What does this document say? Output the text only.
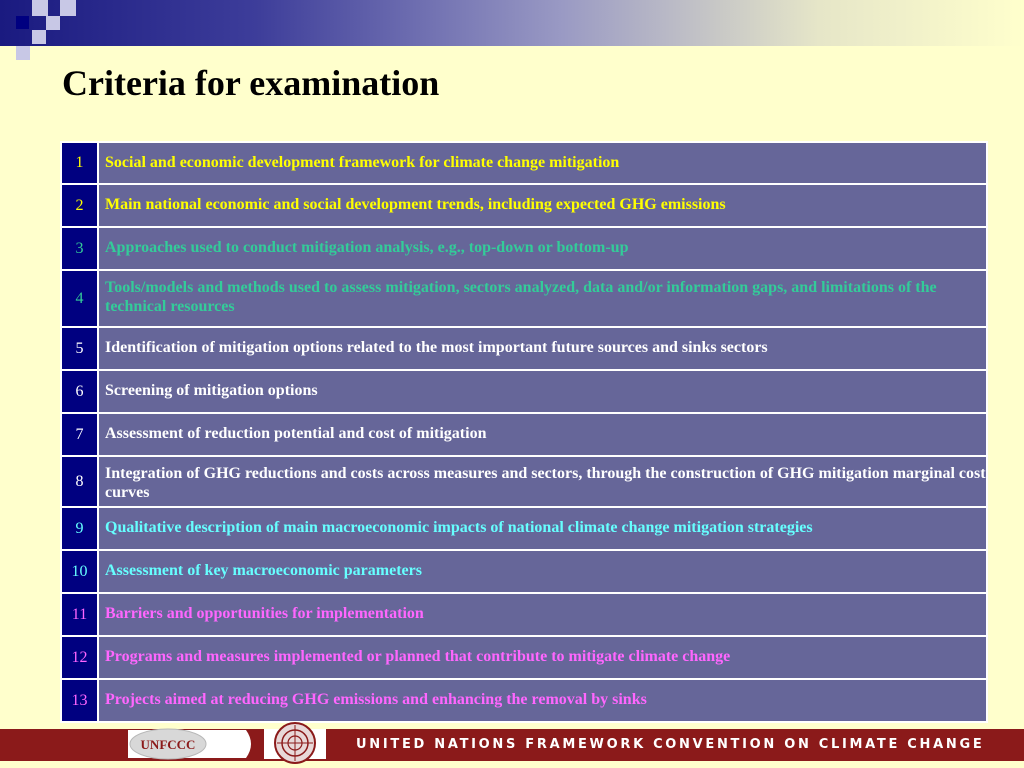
Criteria for examination
1	Social and economic development framework for climate change mitigation
2	Main national economic and social development trends, including expected GHG emissions
3	Approaches used to conduct mitigation analysis, e.g., top-down or bottom-up
4	Tools/models and methods used to assess mitigation, sectors analyzed, data and/or information gaps, and limitations of the technical resources
5	Identification of mitigation options related to the most important future sources and sinks sectors
6	Screening of mitigation options
7	Assessment of reduction potential and cost of mitigation
8	Integration of GHG reductions and costs across measures and sectors, through the construction of GHG mitigation marginal cost curves
9	Qualitative description of main macroeconomic impacts of national climate change mitigation strategies
10	Assessment of key macroeconomic parameters
11	Barriers and opportunities for implementation
12	Programs and measures implemented or planned that contribute to mitigate climate change
13	Projects aimed at reducing GHG emissions and enhancing the removal by sinks
UNFCCC	UNITED NATIONS FRAMEWORK CONVENTION ON CLIMATE CHANGE
